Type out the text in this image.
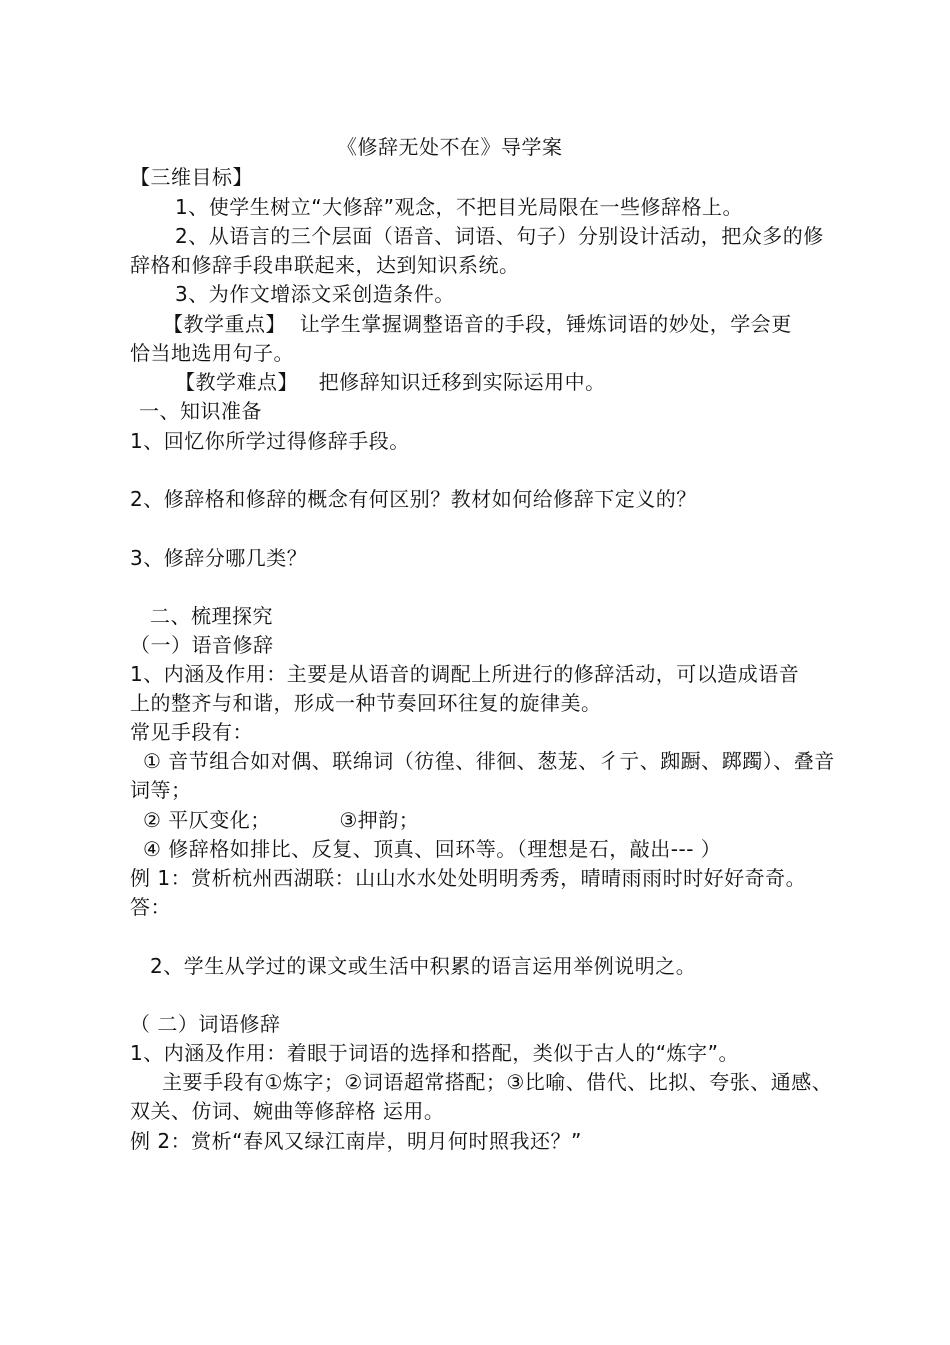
《修辞无处不在》导学案
【三维目标】
1、使学生树立“大修辞”观念，不把目光局限在一些修辞格上。
2、从语言的三个层面（语音、词语、句子）分别设计活动，把众多的修
辞格和修辞手段串联起来，达到知识系统。
3、为作文增添文采创造条件。
【教学重点】  让学生掌握调整语音的手段，锤炼词语的妙处，学会更
恰当地选用句子。
【教学难点】   把修辞知识迁移到实际运用中。
一、知识准备
1、回忆你所学过得修辞手段。
2、修辞格和修辞的概念有何区别？教材如何给修辞下定义的？
3、修辞分哪几类？
二、梳理探究
（一）语音修辞
1、内涵及作用：主要是从语音的调配上所进行的修辞活动，可以造成语音
上的整齐与和谐，形成一种节奏回环往复的旋律美。
常见手段有：
① 音节组合如对偶、联绵词（彷徨、徘徊、葱茏、彳亍、踟蹰、踯躅）、叠音
词等；
② 平仄变化；          ③押韵；
④ 修辞格如排比、反复、顶真、回环等。（理想是石，敲出--- ）
例 1：赏析杭州西湖联：山山水水处处明明秀秀，晴晴雨雨时时好好奇奇。
答：
2、学生从学过的课文或生活中积累的语言运用举例说明之。
（ 二）词语修辞
1、内涵及作用：着眼于词语的选择和搭配，类似于古人的“炼字”。
主要手段有①炼字；②词语超常搭配；③比喻、借代、比拟、夸张、通感、
双关、仿词、婉曲等修辞格 运用。
例 2：赏析“春风又绿江南岸，明月何时照我还？”
